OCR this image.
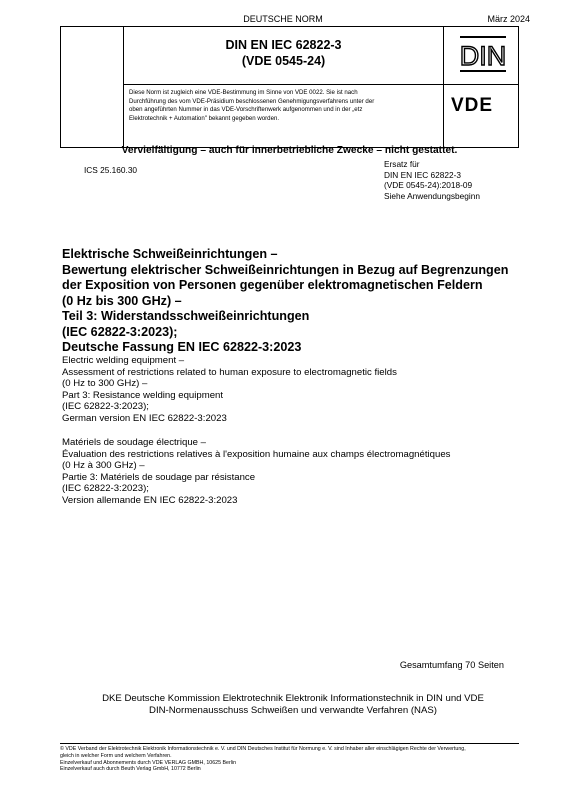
DEUTSCHE NORM	März 2024
DIN EN IEC 62822-3
(VDE 0545-24)	DIN
VDE
Diese Norm ist zugleich eine VDE-Bestimmung im Sinne von VDE 0022. Sie ist nach
Durchführung des vom VDE-Präsidium beschlossenen Genehmigungsverfahrens unter der
oben angeführten Nummer in das VDE-Vorschriftenwerk aufgenommen und in der „etz
Elektrotechnik + Automation" bekannt gegeben worden.
Vervielfältigung – auch für innerbetriebliche Zwecke – nicht gestattet.
ICS 25.160.30
Ersatz für
DIN EN IEC 62822-3
(VDE 0545-24):2018-09
Siehe Anwendungsbeginn
Elektrische Schweißeinrichtungen –
Bewertung elektrischer Schweißeinrichtungen in Bezug auf Begrenzungen
der Exposition von Personen gegenüber elektromagnetischen Feldern
(0 Hz bis 300 GHz) –
Teil 3: Widerstandsschweißeinrichtungen
(IEC 62822-3:2023);
Deutsche Fassung EN IEC 62822-3:2023
Electric welding equipment –
Assessment of restrictions related to human exposure to electromagnetic fields
(0 Hz to 300 GHz) –
Part 3: Resistance welding equipment
(IEC 62822-3:2023);
German version EN IEC 62822-3:2023
Matériels de soudage électrique –
Évaluation des restrictions relatives à l'exposition humaine aux champs électromagnétiques
(0 Hz à 300 GHz) –
Partie 3: Matériels de soudage par résistance
(IEC 62822-3:2023);
Version allemande EN IEC 62822-3:2023
Gesamtumfang 70 Seiten
DKE Deutsche Kommission Elektrotechnik Elektronik Informationstechnik in DIN und VDE
DIN-Normenausschuss Schweißen und verwandte Verfahren (NAS)
© VDE Verband der Elektrotechnik Elektronik Informationstechnik e. V. und DIN Deutsches Institut für Normung e. V. sind Inhaber aller einschlägigen Rechte der Verwertung,
gleich in welcher Form und welchem Verfahren.
Einzelverkauf und Abonnements durch VDE VERLAG GMBH, 10625 Berlin
Einzelverkauf auch durch Beuth Verlag GmbH, 10772 Berlin
